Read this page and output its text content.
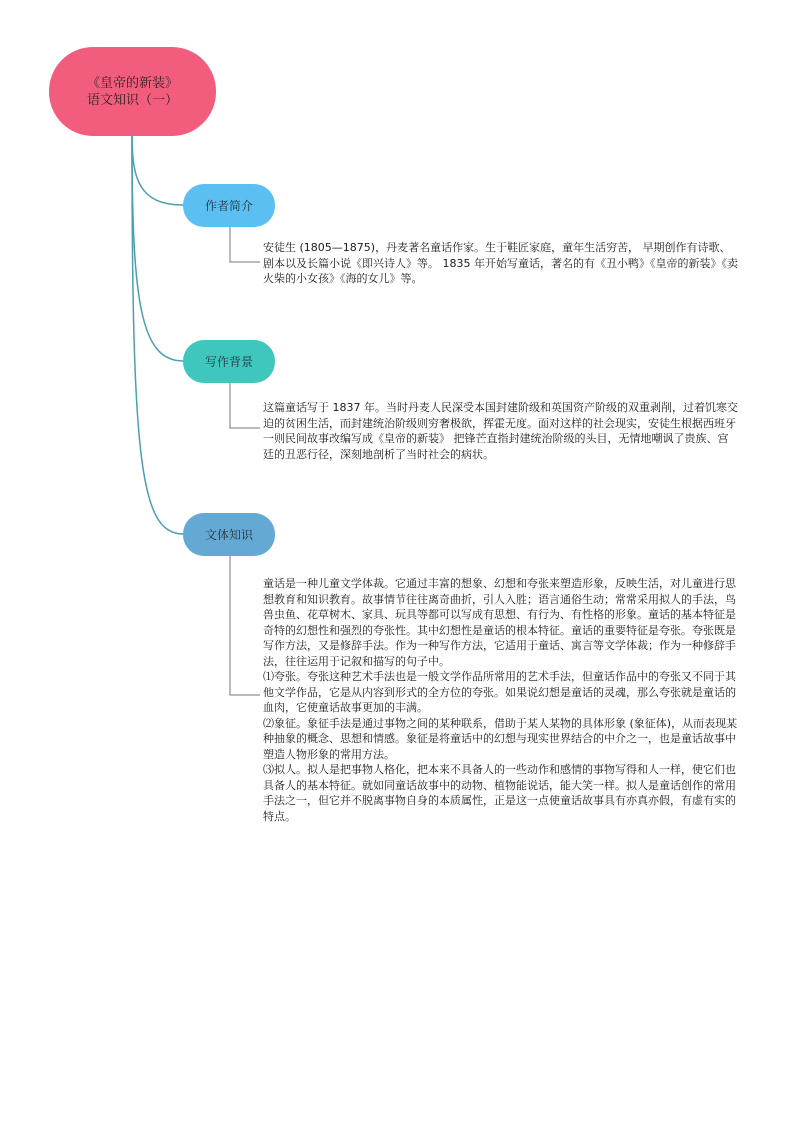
《皇帝的新装》
语文知识（一）
作者简介
安徒生 (1805—1875)，丹麦著名童话作家。生于鞋匠家庭，童年生活穷苦， 早期创作有诗歌、剧本以及长篇小说《即兴诗人》等。 1835 年开始写童话，著名的有《丑小鸭》《皇帝的新装》《卖火柴的小女孩》《海的女儿》等。
写作背景
这篇童话写于 1837 年。当时丹麦人民深受本国封建阶级和英国资产阶级的双重剥削，过着饥寒交迫的贫困生活，而封建统治阶级则穷奢极欲，挥霍无度。面对这样的社会现实，安徒生根据西班牙一则民间故事改编写成《皇帝的新装》 把锋芒直指封建统治阶级的头目，无情地嘲讽了贵族、宫廷的丑恶行径，深刻地剖析了当时社会的病状。
文体知识
童话是一种儿童文学体裁。它通过丰富的想象、幻想和夸张来塑造形象，反映生活，对儿童进行思想教育和知识教育。故事情节往往离奇曲折，引人入胜；语言通俗生动；常常采用拟人的手法，鸟兽虫鱼、花草树木、家具、玩具等都可以写成有思想、有行为、有性格的形象。童话的基本特征是奇特的幻想性和强烈的夸张性。其中幻想性是童话的根本特征。童话的重要特征是夸张。夸张既是写作方法，又是修辞手法。作为一种写作方法，它适用于童话、寓言等文学体裁；作为一种修辞手法，往往运用于记叙和描写的句子中。
⑴夸张。夸张这种艺术手法也是一般文学作品所常用的艺术手法，但童话作品中的夸张又不同于其他文学作品，它是从内容到形式的全方位的夸张。如果说幻想是童话的灵魂，那么夸张就是童话的血肉，它使童话故事更加的丰满。
⑵象征。象征手法是通过事物之间的某种联系，借助于某人某物的具体形象 (象征体)，从而表现某种抽象的概念、思想和情感。象征是将童话中的幻想与现实世界结合的中介之一，也是童话故事中塑造人物形象的常用方法。
⑶拟人。拟人是把事物人格化，把本来不具备人的一些动作和感情的事物写得和人一样，使它们也具备人的基本特征。就如同童话故事中的动物、植物能说话，能大笑一样。拟人是童话创作的常用手法之一，但它并不脱离事物自身的本质属性，正是这一点使童话故事具有亦真亦假，有虚有实的特点。
